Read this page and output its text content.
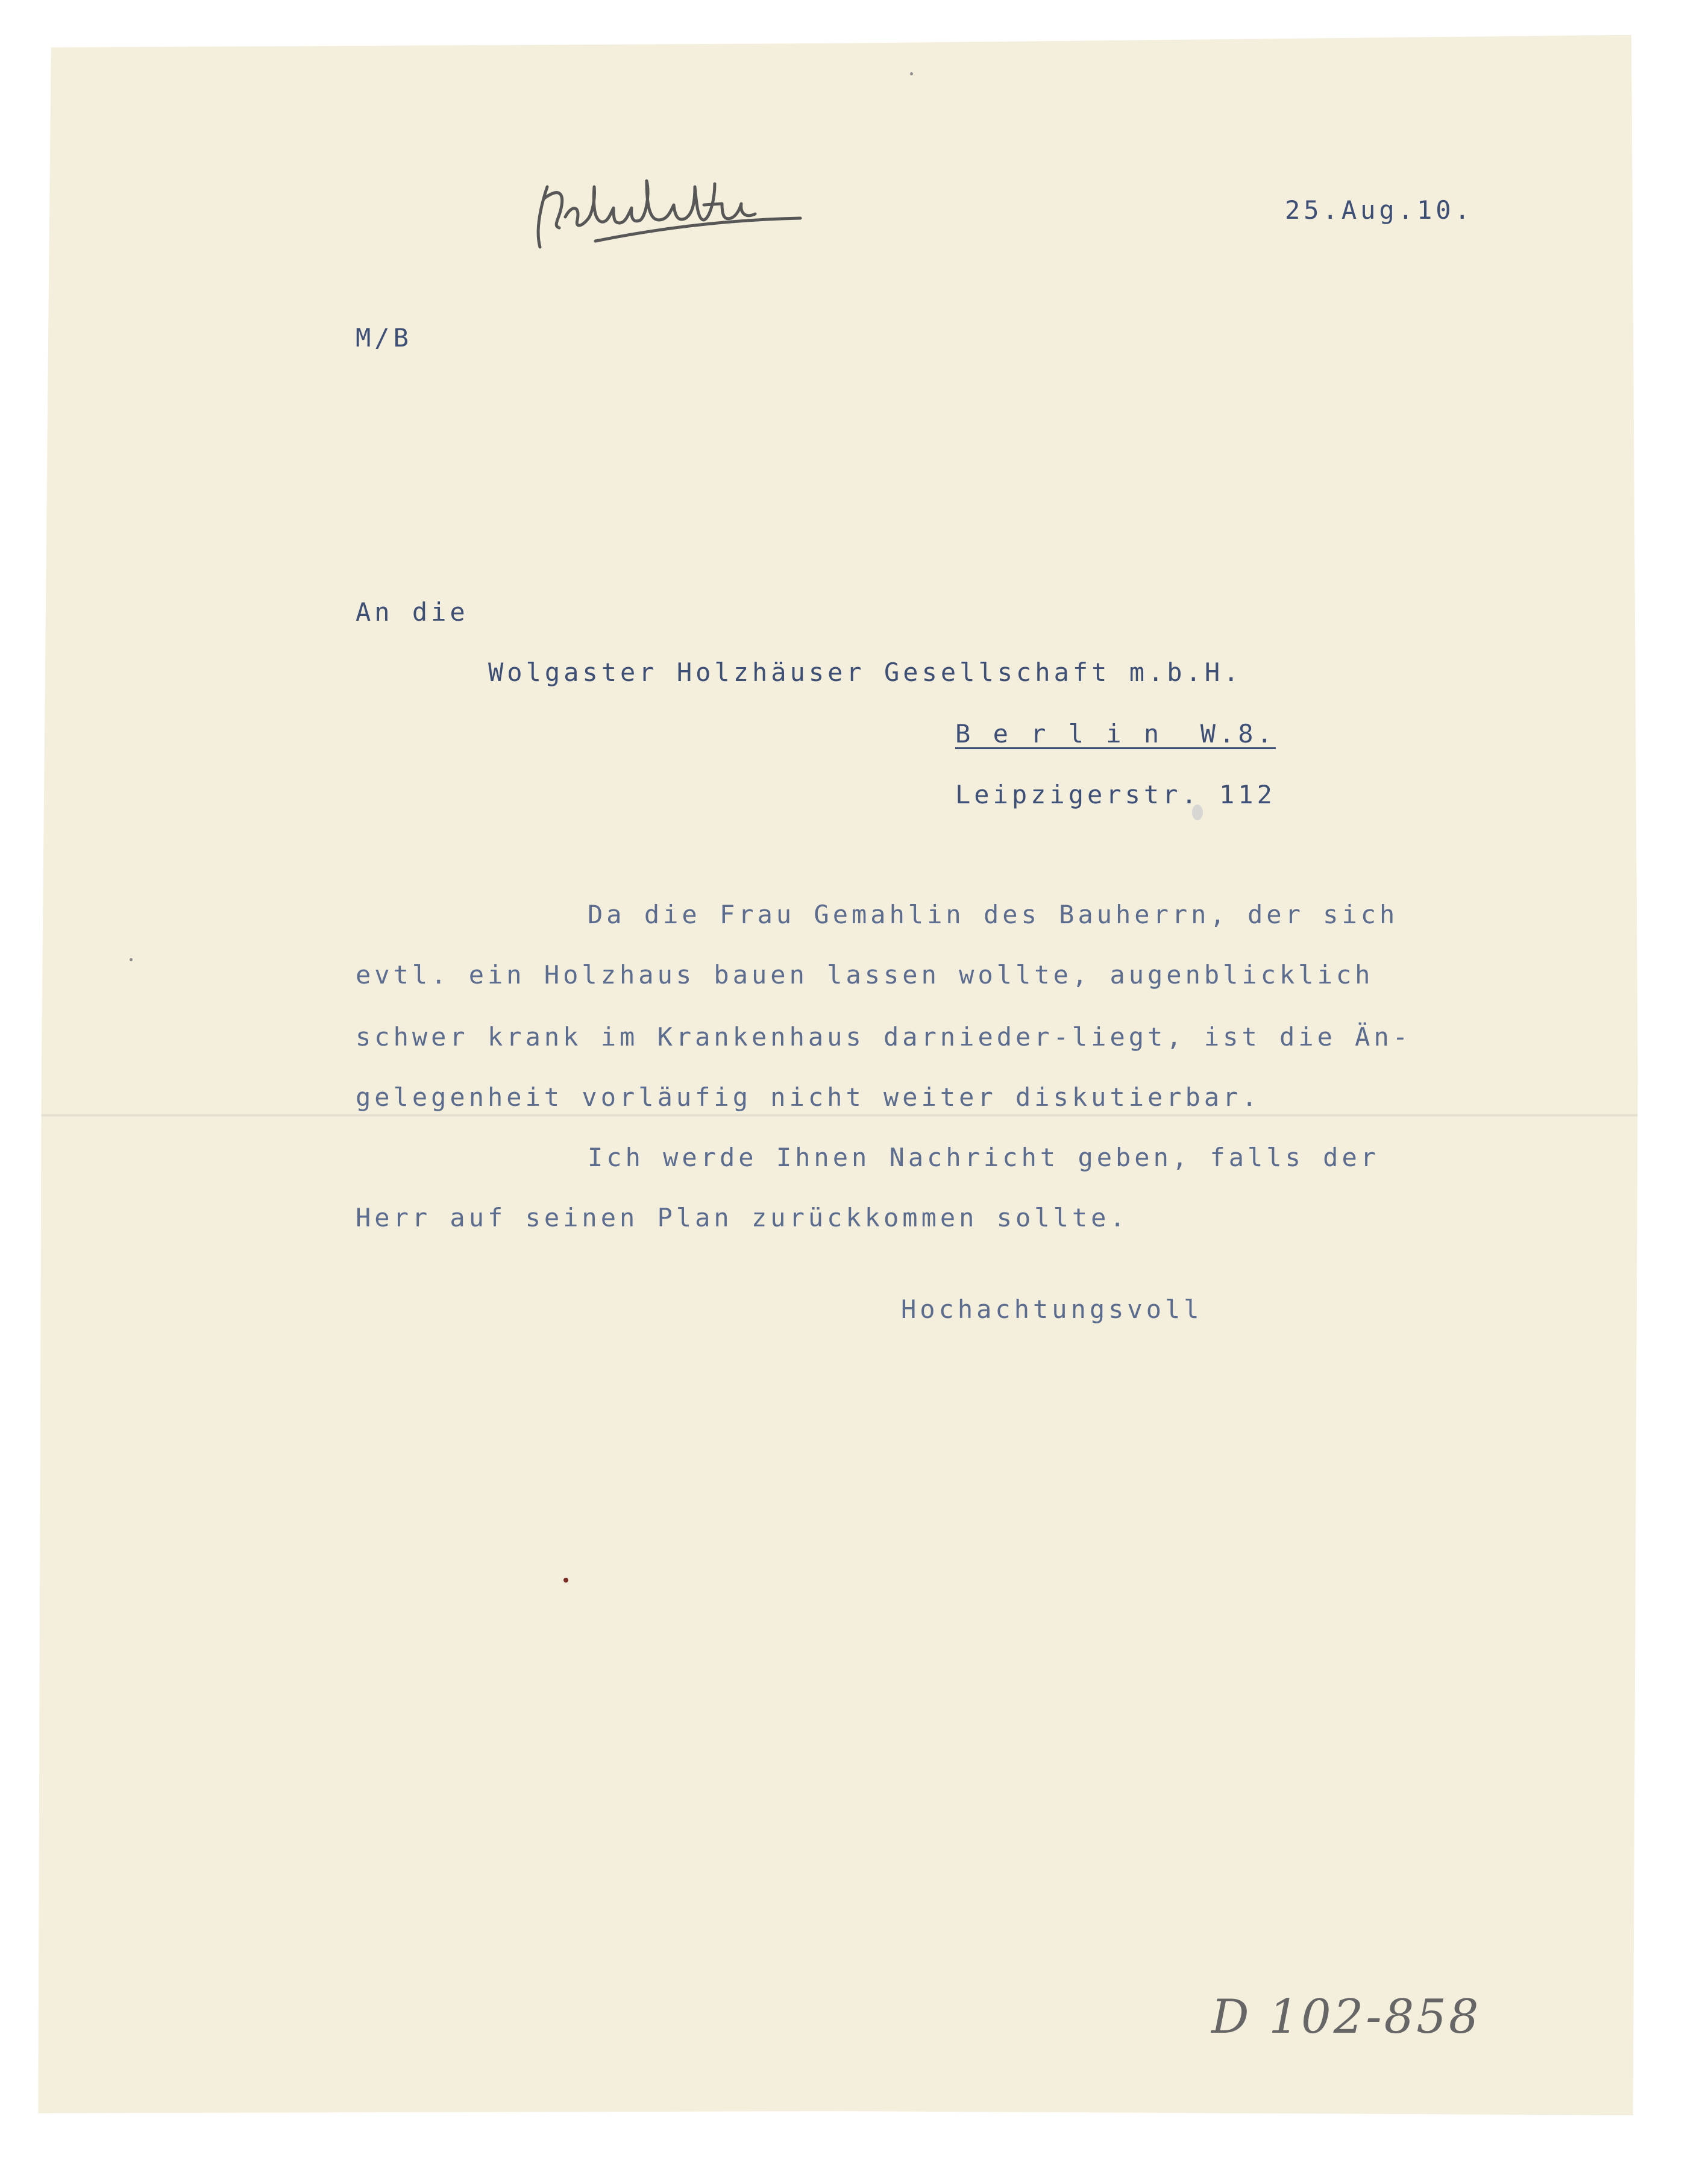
25.Aug.10.
M/B
An die
Wolgaster Holzhäuser Gesellschaft m.b.H.
B e r l i n  W.8.
Leipzigerstr. 112
Da die Frau Gemahlin des Bauherrn, der sich
evtl. ein Holzhaus bauen lassen wollte, augenblicklich
schwer krank im Krankenhaus darnieder-liegt, ist die Än-
gelegenheit vorläufig nicht weiter diskutierbar.
Ich werde Ihnen Nachricht geben, falls der
Herr auf seinen Plan zurückkommen sollte.
Hochachtungsvoll
D 102-858
